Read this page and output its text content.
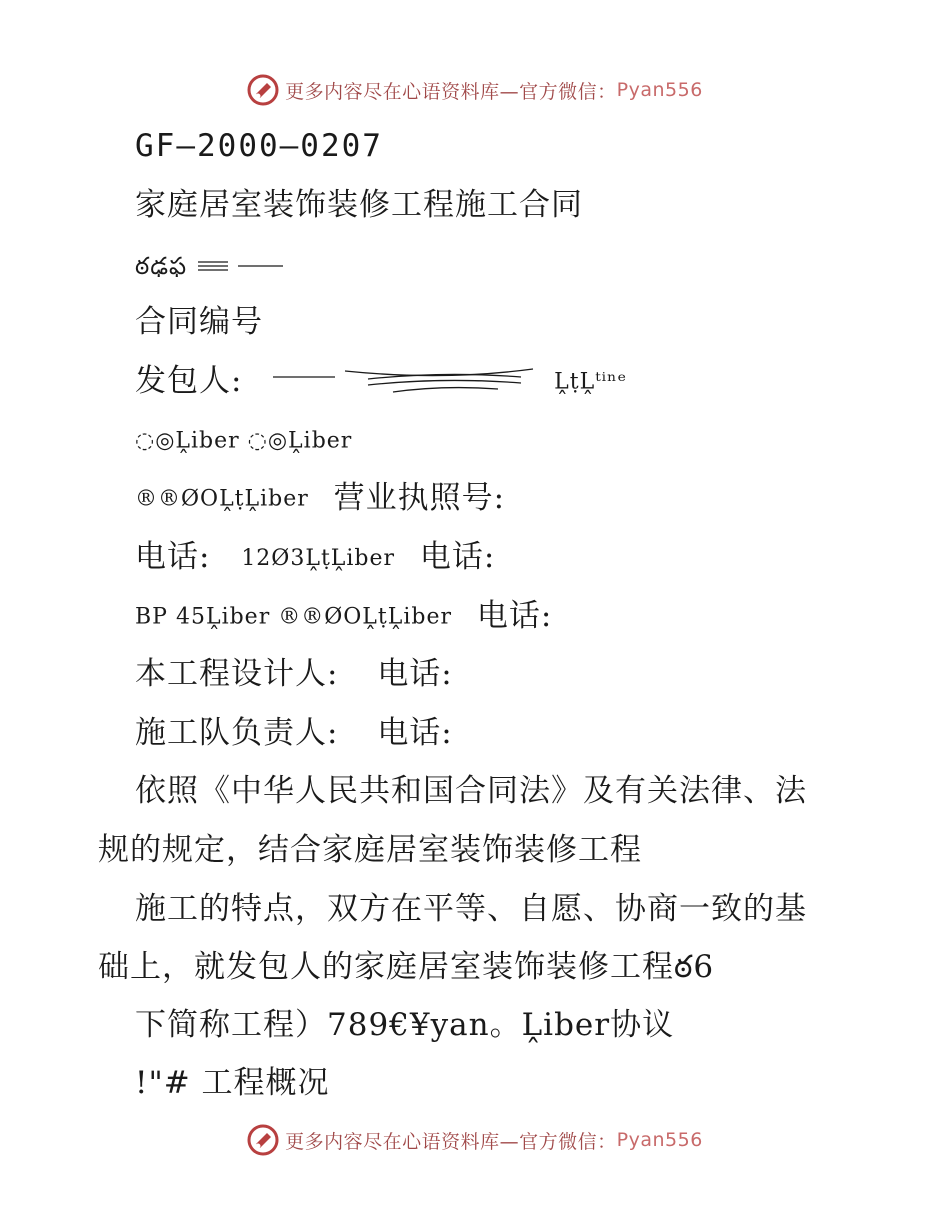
更多内容尽在心语资料库—官方微信： Pyan556
GF—2000—0207
家庭居室装饰装修工程施工合同
ఠఢఫ
合同编号
发包人:	ḼṭḼᵗⁱⁿᵉ
◌◎Ḽiber ◌◎Ḽiber
®®ØOḼṭḼiber 营业执照号:
电话: 12Ø3ḼṭḼiber 电话:
BP 45Ḽiber ®®ØOḼṭḼiber 电话:
本工程设计人: 电话:
施工队负责人: 电话:
依照《中华人民共和国合同法》及有关法律、法
规的规定，结合家庭居室装饰装修工程
施工的特点，双方在平等、自愿、协商一致的基
础上，就发包人的家庭居室装饰装修工程ఠ6
下简称工程）789€¥yan。Ḽiber协议
!"# 工程概况
更多内容尽在心语资料库—官方微信： Pyan556
